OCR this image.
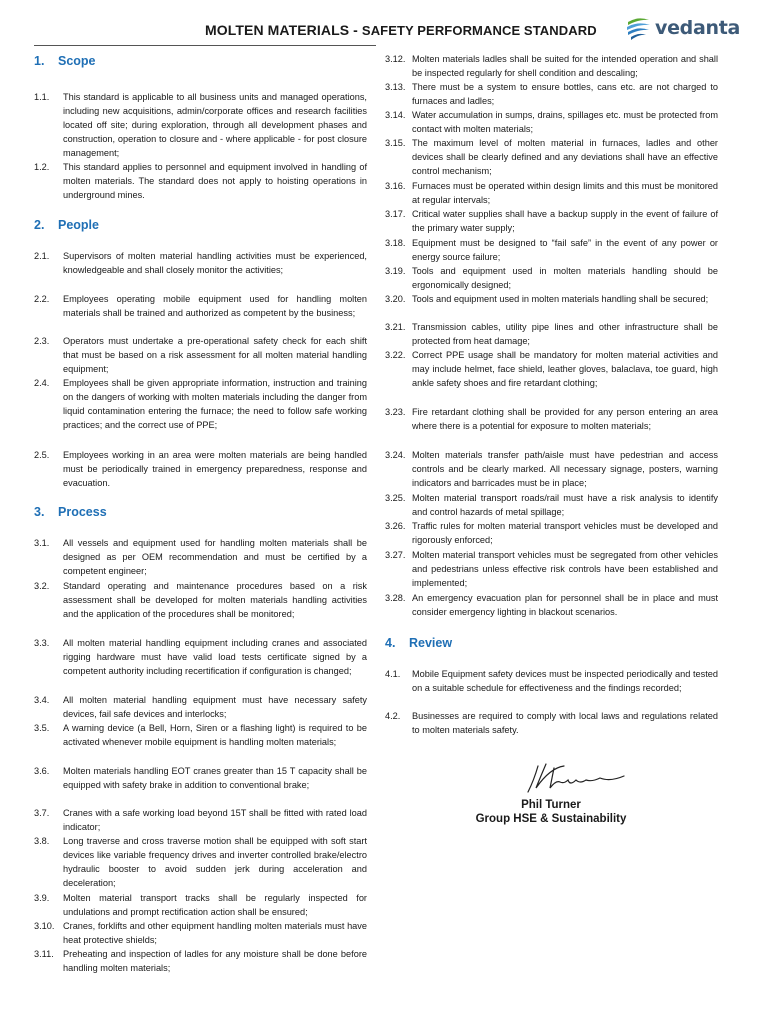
MOLTEN MATERIALS - SAFETY PERFORMANCE STANDARD	vedanta
1. Scope
1.1. This standard is applicable to all business units and managed operations, including new acquisitions, admin/corporate offices and research facilities located off site; during exploration, through all development phases and construction, operation to closure and - where applicable - for post closure management;
1.2. This standard applies to personnel and equipment involved in handling of molten materials. The standard does not apply to hoisting operations in underground mines.
2. People
2.1. Supervisors of molten material handling activities must be experienced, knowledgeable and shall closely monitor the activities;
2.2. Employees operating mobile equipment used for handling molten materials shall be trained and authorized as competent by the business;
2.3. Operators must undertake a pre-operational safety check for each shift that must be based on a risk assessment for all molten material handling equipment;
2.4. Employees shall be given appropriate information, instruction and training on the dangers of working with molten materials including the danger from liquid contamination entering the furnace; the need to follow safe working practices; and the correct use of PPE;
2.5. Employees working in an area were molten materials are being handled must be periodically trained in emergency preparedness, response and evacuation.
3. Process
3.1. All vessels and equipment used for handling molten materials shall be designed as per OEM recommendation and must be certified by a competent engineer;
3.2. Standard operating and maintenance procedures based on a risk assessment shall be developed for molten materials handling activities and the application of the procedures shall be monitored;
3.3. All molten material handling equipment including cranes and associated rigging hardware must have valid load tests certificate signed by a competent authority including recertification if configuration is changed;
3.4. All molten material handling equipment must have necessary safety devices, fail safe devices and interlocks;
3.5. A warning device (a Bell, Horn, Siren or a flashing light) is required to be activated whenever mobile equipment is handling molten materials;
3.6. Molten materials handling EOT cranes greater than 15 T capacity shall be equipped with safety brake in addition to conventional brake;
3.7. Cranes with a safe working load beyond 15T shall be fitted with rated load indicator;
3.8. Long traverse and cross traverse motion shall be equipped with soft start devices like variable frequency drives and inverter controlled brake/electro hydraulic booster to avoid sudden jerk during acceleration and deceleration;
3.9. Molten material transport tracks shall be regularly inspected for undulations and prompt rectification action shall be ensured;
3.10. Cranes, forklifts and other equipment handling molten materials must have heat protective shields;
3.11. Preheating and inspection of ladles for any moisture shall be done before handling molten materials;
3.12. Molten materials ladles shall be suited for the intended operation and shall be inspected regularly for shell condition and descaling;
3.13. There must be a system to ensure bottles, cans etc. are not charged to furnaces and ladles;
3.14. Water accumulation in sumps, drains, spillages etc. must be protected from contact with molten materials;
3.15. The maximum level of molten material in furnaces, ladles and other devices shall be clearly defined and any deviations shall have an effective control mechanism;
3.16. Furnaces must be operated within design limits and this must be monitored at regular intervals;
3.17. Critical water supplies shall have a backup supply in the event of failure of the primary water supply;
3.18. Equipment must be designed to “fail safe” in the event of any power or energy source failure;
3.19. Tools and equipment used in molten materials handling should be ergonomically designed;
3.20. Tools and equipment used in molten materials handling shall be secured;
3.21. Transmission cables, utility pipe lines and other infrastructure shall be protected from heat damage;
3.22. Correct PPE usage shall be mandatory for molten material activities and may include helmet, face shield, leather gloves, balaclava, toe guard, high ankle safety shoes and fire retardant clothing;
3.23. Fire retardant clothing shall be provided for any person entering an area where there is a potential for exposure to molten materials;
3.24. Molten materials transfer path/aisle must have pedestrian and access controls and be clearly marked. All necessary signage, posters, warning indicators and barricades must be in place;
3.25. Molten material transport roads/rail must have a risk analysis to identify and control hazards of metal spillage;
3.26. Traffic rules for molten material transport vehicles must be developed and rigorously enforced;
3.27. Molten material transport vehicles must be segregated from other vehicles and pedestrians unless effective risk controls have been established and implemented;
3.28. An emergency evacuation plan for personnel shall be in place and must consider emergency lighting in blackout scenarios.
4. Review
4.1. Mobile Equipment safety devices must be inspected periodically and tested on a suitable schedule for effectiveness and the findings recorded;
4.2. Businesses are required to comply with local laws and regulations related to molten materials safety.
Phil Turner
Group HSE & Sustainability
